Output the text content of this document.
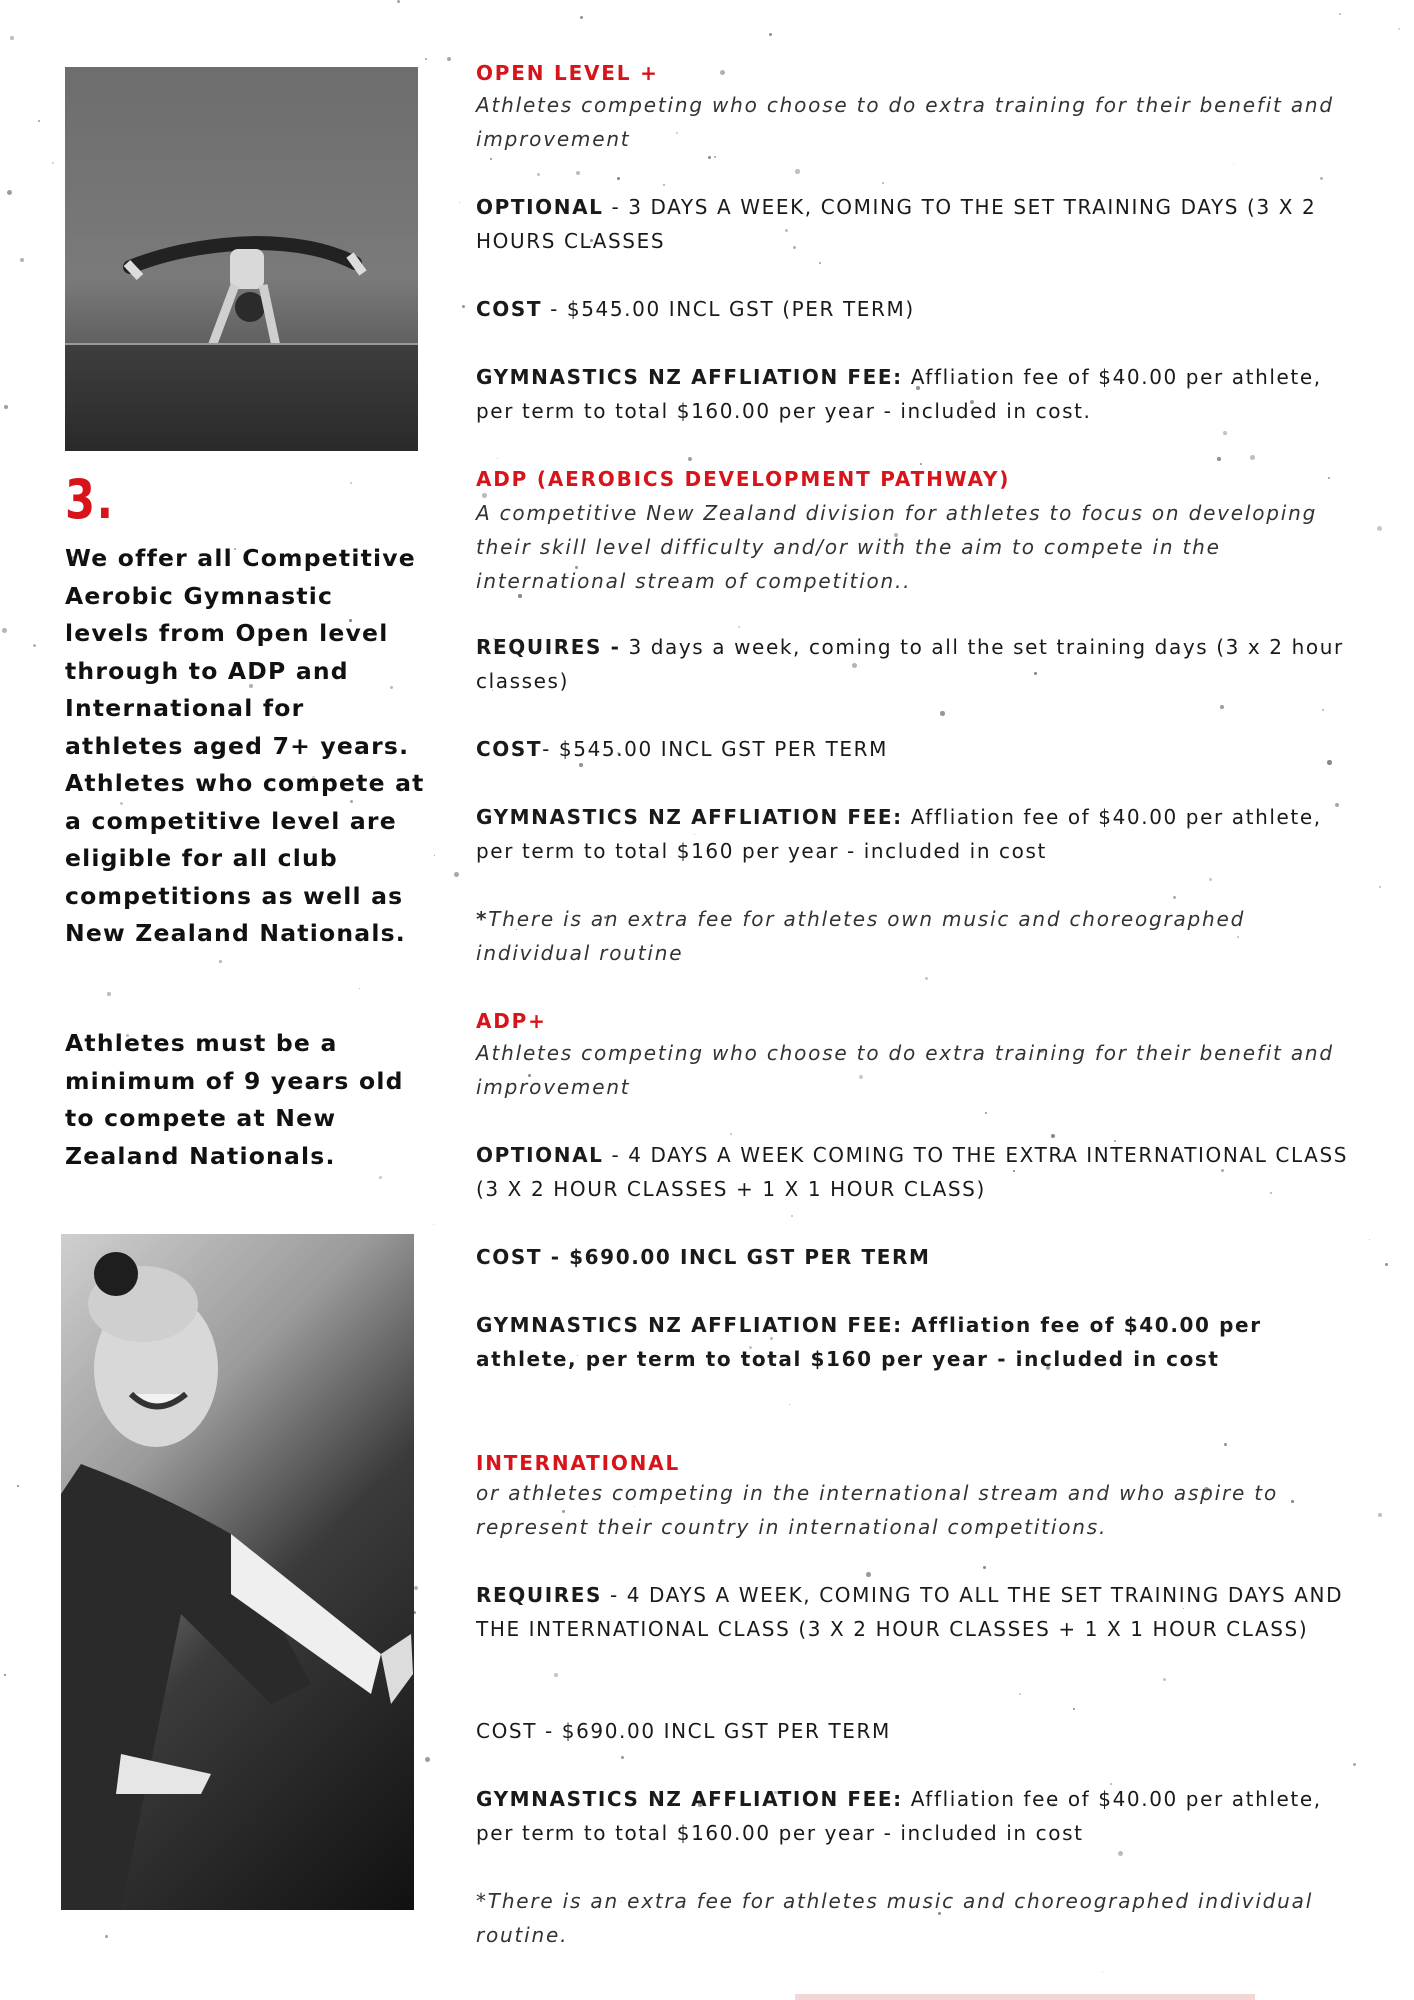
3.

We offer all Competitive Aerobic Gymnastic levels from Open level through to ADP and International for athletes aged 7+ years. Athletes who compete at a competitive level are eligible for all club competitions as well as New Zealand Nationals.

Athletes must be a minimum of 9 years old to compete at New Zealand Nationals.

OPEN LEVEL +
Athletes competing who choose to do extra training for their benefit and improvement
OPTIONAL - 3 DAYS A WEEK, COMING TO THE SET TRAINING DAYS (3 X 2 HOURS CLASSES
COST - $545.00 INCL GST (PER TERM)
GYMNASTICS NZ AFFLIATION FEE: Affliation fee of $40.00 per athlete, per term to total $160.00 per year - included in cost.
ADP (AEROBICS DEVELOPMENT PATHWAY)
A competitive New Zealand division for athletes to focus on developing their skill level difficulty and/or with the aim to compete in the international stream of competition..
REQUIRES - 3 days a week, coming to all the set training days (3 x 2 hour classes)
COST- $545.00 INCL GST PER TERM
GYMNASTICS NZ AFFLIATION FEE: Affliation fee of $40.00 per athlete, per term to total $160 per year - included in cost
*There is an extra fee for athletes own music and choreographed individual routine
ADP+
Athletes competing who choose to do extra training for their benefit and improvement
OPTIONAL - 4 DAYS A WEEK COMING TO THE EXTRA INTERNATIONAL CLASS (3 X 2 HOUR CLASSES + 1 X 1 HOUR CLASS)
COST - $690.00 INCL GST PER TERM
GYMNASTICS NZ AFFLIATION FEE: Affliation fee of $40.00 per athlete, per term to total $160 per year - included in cost
INTERNATIONAL
or athletes competing in the international stream and who aspire to represent their country in international competitions.
REQUIRES - 4 DAYS A WEEK, COMING TO ALL THE SET TRAINING DAYS AND THE INTERNATIONAL CLASS (3 X 2 HOUR CLASSES + 1 X 1 HOUR CLASS)
COST - $690.00 INCL GST PER TERM
GYMNASTICS NZ AFFLIATION FEE: Affliation fee of $40.00 per athlete, per term to total $160.00 per year - included in cost
*There is an extra fee for athletes music and choreographed individual routine.
